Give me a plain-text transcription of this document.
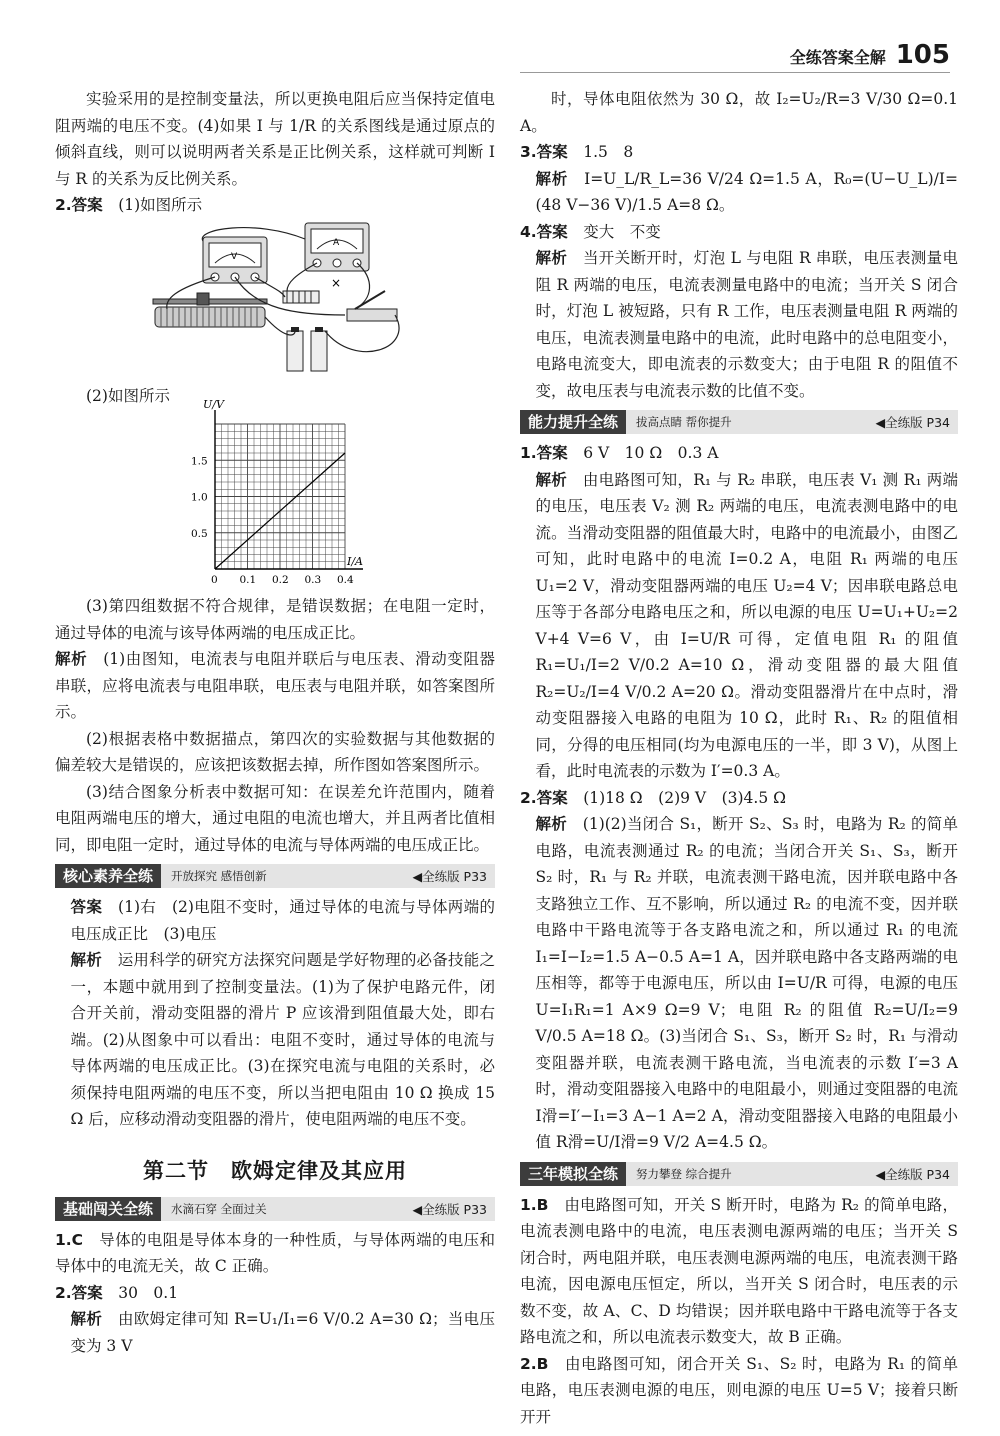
全练答案全解 105

实验采用的是控制变量法，所以更换电阻后应当保持定值电阻两端的电压不变。(4)如果 I 与 1/R 的关系图线是通过原点的倾斜直线，则可以说明两者关系是正比例关系，这样就可判断 I 与 R 的关系为反比例关系。

2.答案　 (1)如图所示

V
A
×

(2)如图所示	U/V
I/A
0 0.1 0.2 0.3 0.4
0.5
1.0
1.5

(3)第四组数据不符合规律，是错误数据；在电阻一定时，通过导体的电流与该导体两端的电压成正比。

解析　 (1)由图知，电流表与电阻并联后与电压表、滑动变阻器串联，应将电流表与电阻串联，电压表与电阻并联，如答案图所示。

(2)根据表格中数据描点，第四次的实验数据与其他数据的偏差较大是错误的，应该把该数据去掉，所作图如答案图所示。

(3)结合图象分析表中数据可知：在误差允许范围内，随着电阻两端电压的增大，通过电阻的电流也增大，并且两者比值相同，即电阻一定时，通过导体的电流与导体两端的电压成正比。

核心素养全练	开放探究 感悟创新	◀全练版 P33

答案　 (1)右　(2)电阻不变时，通过导体的电流与导体两端的电压成正比　(3)电压

解析　 运用科学的研究方法探究问题是学好物理的必备技能之一，本题中就用到了控制变量法。(1)为了保护电路元件，闭合开关前，滑动变阻器的滑片 P 应该滑到阻值最大处，即右端。(2)从图象中可以看出：电阻不变时，通过导体的电流与导体两端的电压成正比。(3)在探究电流与电阻的关系时，必须保持电阻两端的电压不变，所以当把电阻由 10 Ω 换成 15 Ω 后，应移动滑动变阻器的滑片，使电阻两端的电压不变。

第二节　欧姆定律及其应用
基础闯关全练	水滴石穿 全面过关	◀全练版 P33

1.C　 导体的电阻是导体本身的一种性质，与导体两端的电压和导体中的电流无关，故 C 正确。

2.答案　 30　0.1

解析　 由欧姆定律可知 R=U₁/I₁=6 V/0.2 A=30 Ω；当电压变为 3 V

时，导体电阻依然为 30 Ω，故 I₂=U₂/R=3 V/30 Ω=0.1 A。

3.答案　 1.5　8

解析　 I=U_L/R_L=36 V/24 Ω=1.5 A，R₀=(U−U_L)/I=(48 V−36 V)/1.5 A=8 Ω。

4.答案　 变大　不变

解析　 当开关断开时，灯泡 L 与电阻 R 串联，电压表测量电阻 R 两端的电压，电流表测量电路中的电流；当开关 S 闭合时，灯泡 L 被短路，只有 R 工作，电压表测量电阻 R 两端的电压，电流表测量电路中的电流，此时电路中的总电阻变小，电路电流变大，即电流表的示数变大；由于电阻 R 的阻值不变，故电压表与电流表示数的比值不变。

能力提升全练	拔高点睛 帮你提升	◀全练版 P34

1.答案　 6 V　10 Ω　0.3 A

解析　 由电路图可知，R₁ 与 R₂ 串联，电压表 V₁ 测 R₁ 两端的电压，电压表 V₂ 测 R₂ 两端的电压，电流表测电路中的电流。当滑动变阻器的阻值最大时，电路中的电流最小，由图乙可知，此时电路中的电流 I=0.2 A，电阻 R₁ 两端的电压 U₁=2 V，滑动变阻器两端的电压 U₂=4 V；因串联电路总电压等于各部分电路电压之和，所以电源的电压 U=U₁+U₂=2 V+4 V=6 V，由 I=U/R 可得，定值电阻 R₁ 的阻值 R₁=U₁/I=2 V/0.2 A=10 Ω，滑动变阻器的最大阻值 R₂=U₂/I=4 V/0.2 A=20 Ω。滑动变阻器滑片在中点时，滑动变阻器接入电路的电阻为 10 Ω，此时 R₁、R₂ 的阻值相同，分得的电压相同(均为电源电压的一半，即 3 V)，从图上看，此时电流表的示数为 I′=0.3 A。

2.答案　 (1)18 Ω　(2)9 V　(3)4.5 Ω

解析　 (1)(2)当闭合 S₁，断开 S₂、S₃ 时，电路为 R₂ 的简单电路，电流表测通过 R₂ 的电流；当闭合开关 S₁、S₃，断开 S₂ 时，R₁ 与 R₂ 并联，电流表测干路电流，因并联电路中各支路独立工作、互不影响，所以通过 R₂ 的电流不变，因并联电路中干路电流等于各支路电流之和，所以通过 R₁ 的电流 I₁=I−I₂=1.5 A−0.5 A=1 A，因并联电路中各支路两端的电压相等，都等于电源电压，所以由 I=U/R 可得，电源的电压 U=I₁R₁=1 A×9 Ω=9 V；电阻 R₂ 的阻值 R₂=U/I₂=9 V/0.5 A=18 Ω。(3)当闭合 S₁、S₃，断开 S₂ 时，R₁ 与滑动变阻器并联，电流表测干路电流，当电流表的示数 I′=3 A 时，滑动变阻器接入电路中的电阻最小，则通过变阻器的电流 I滑=I′−I₁=3 A−1 A=2 A，滑动变阻器接入电路的电阻最小值 R滑=U/I滑=9 V/2 A=4.5 Ω。

三年模拟全练	努力攀登 综合提升	◀全练版 P34

1.B　 由电路图可知，开关 S 断开时，电路为 R₂ 的简单电路，电流表测电路中的电流，电压表测电源两端的电压；当开关 S 闭合时，两电阻并联，电压表测电源两端的电压，电流表测干路电流，因电源电压恒定，所以，当开关 S 闭合时，电压表的示数不变，故 A、C、D 均错误；因并联电路中干路电流等于各支路电流之和，所以电流表示数变大，故 B 正确。

2.B　 由电路图可知，闭合开关 S₁、S₂ 时，电路为 R₁ 的简单电路，电压表测电源的电压，则电源的电压 U=5 V；接着只断开开
